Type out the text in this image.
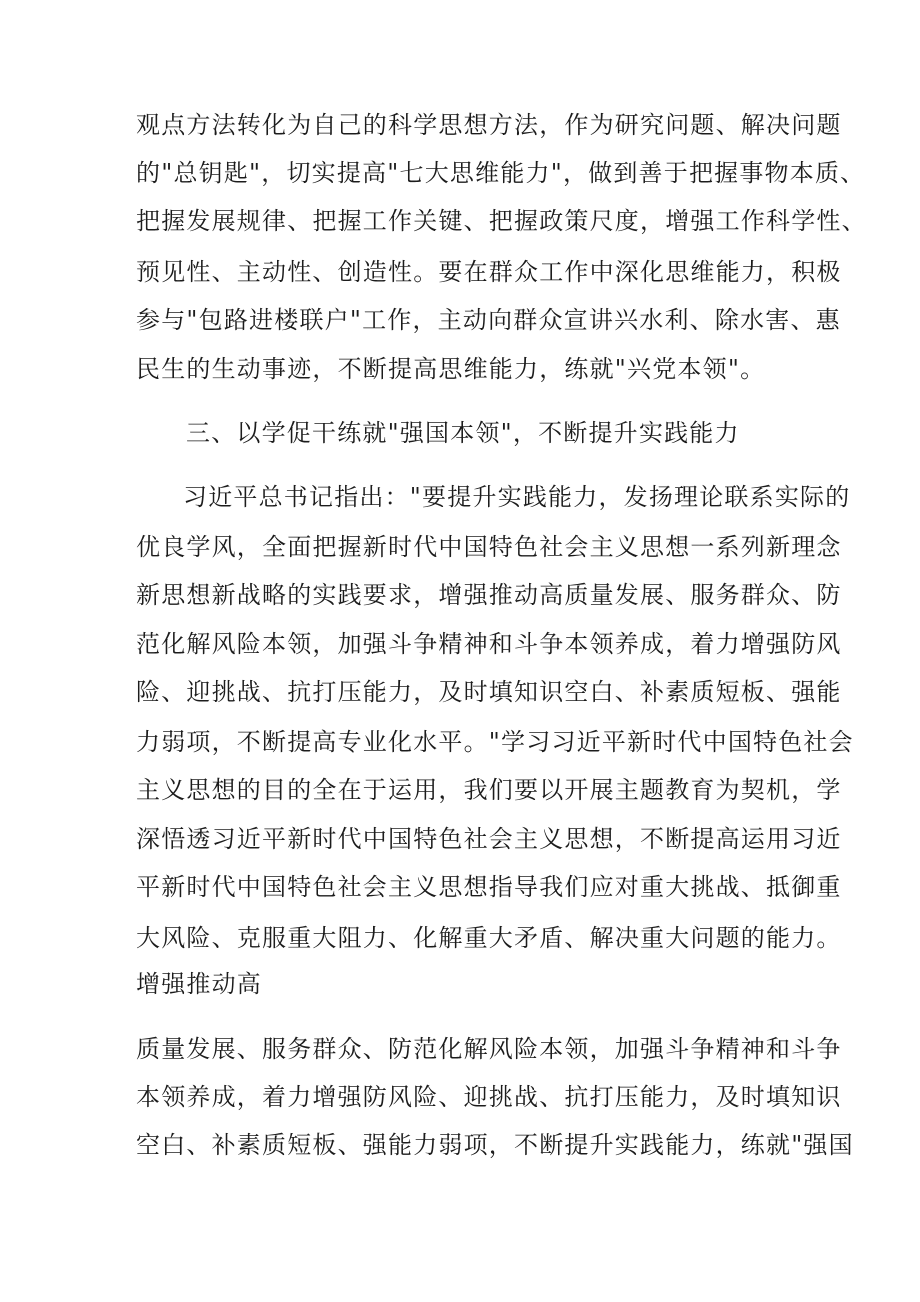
观点方法转化为自己的科学思想方法，作为研究问题、解决问题

的"总钥匙"，切实提高"七大思维能力"，做到善于把握事物本质、

把握发展规律、把握工作关键、把握政策尺度，增强工作科学性、

预见性、主动性、创造性。要在群众工作中深化思维能力，积极

参与"包路进楼联户"工作，主动向群众宣讲兴水利、除水害、惠

民生的生动事迹，不断提高思维能力，练就"兴党本领"。

三、以学促干练就"强国本领"，不断提升实践能力

习近平总书记指出："要提升实践能力，发扬理论联系实际的

优良学风，全面把握新时代中国特色社会主义思想一系列新理念

新思想新战略的实践要求，增强推动高质量发展、服务群众、防

范化解风险本领，加强斗争精神和斗争本领养成，着力增强防风

险、迎挑战、抗打压能力，及时填知识空白、补素质短板、强能

力弱项，不断提高专业化水平。"学习习近平新时代中国特色社会

主义思想的目的全在于运用，我们要以开展主题教育为契机，学

深悟透习近平新时代中国特色社会主义思想，不断提高运用习近

平新时代中国特色社会主义思想指导我们应对重大挑战、抵御重

大风险、克服重大阻力、化解重大矛盾、解决重大问题的能力。

增强推动高

质量发展、服务群众、防范化解风险本领，加强斗争精神和斗争

本领养成，着力增强防风险、迎挑战、抗打压能力，及时填知识

空白、补素质短板、强能力弱项，不断提升实践能力，练就"强国
